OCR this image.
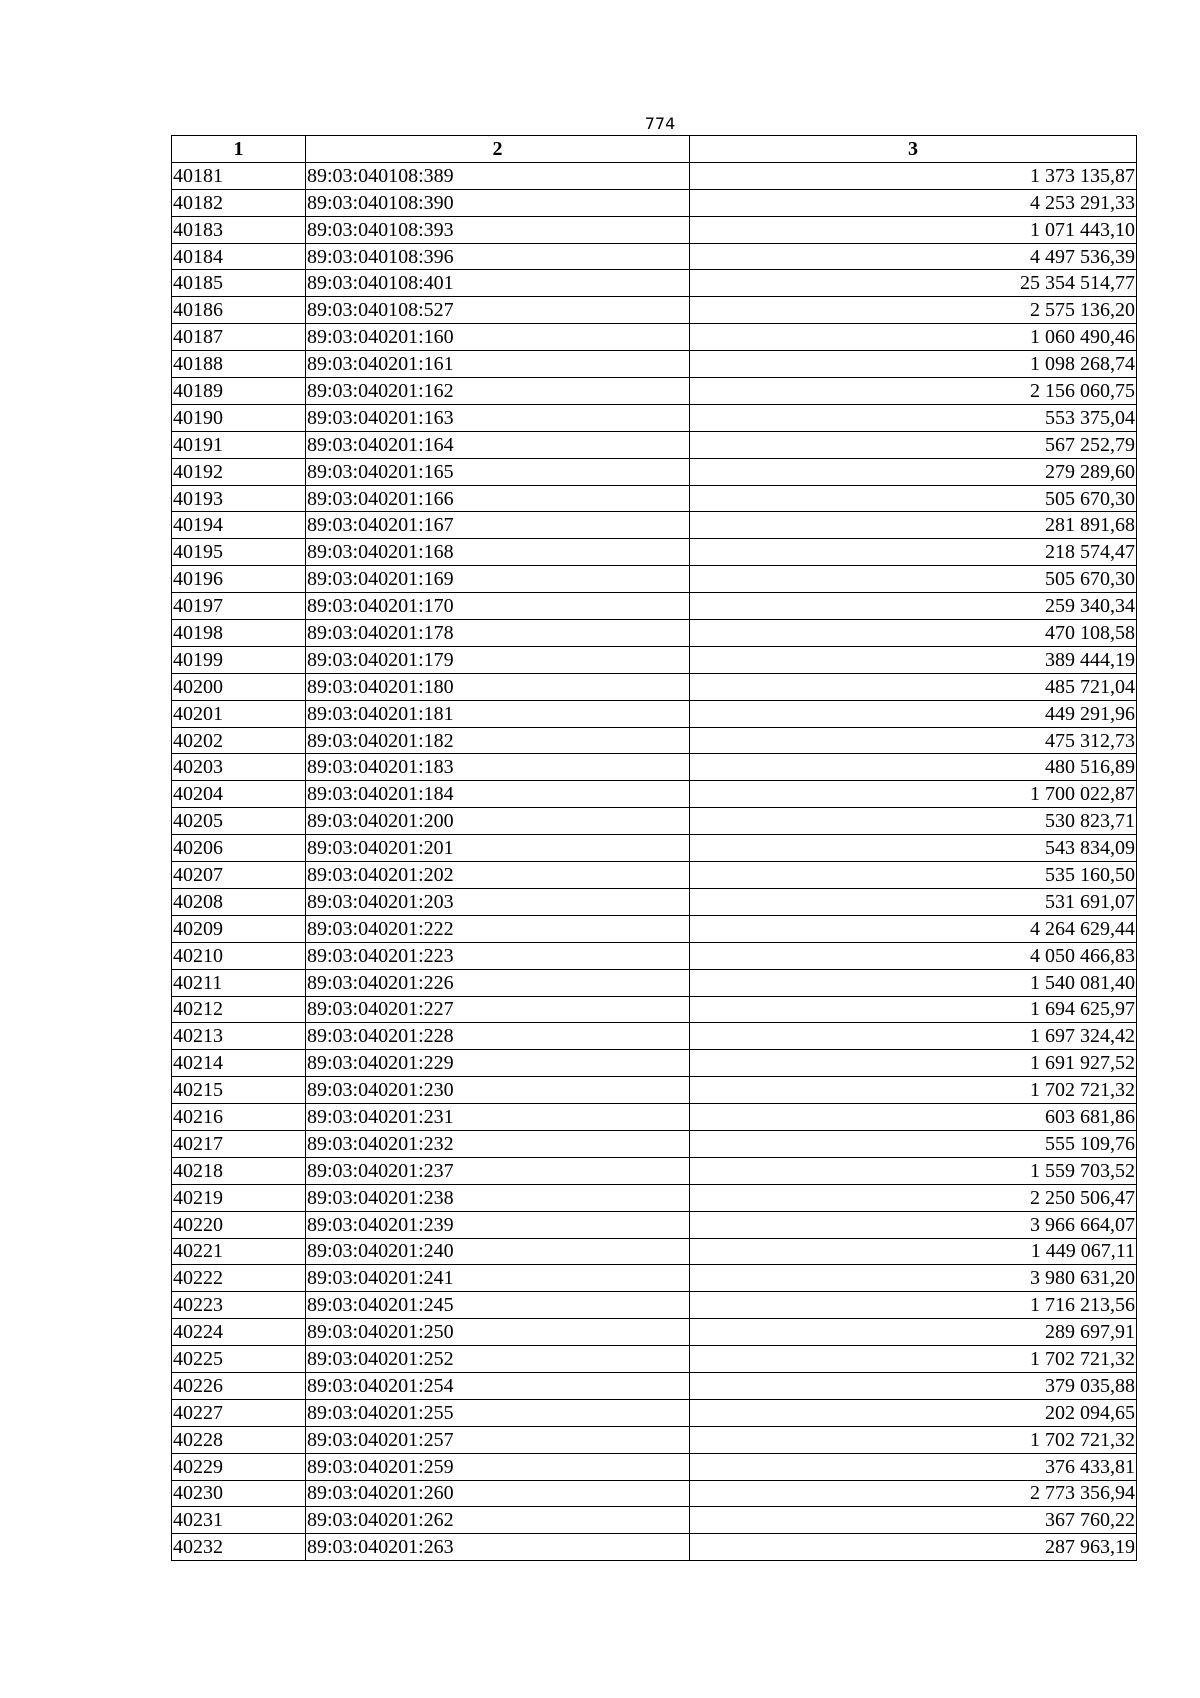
774
1	2	3
40181	89:03:040108:389	1 373 135,87
40182	89:03:040108:390	4 253 291,33
40183	89:03:040108:393	1 071 443,10
40184	89:03:040108:396	4 497 536,39
40185	89:03:040108:401	25 354 514,77
40186	89:03:040108:527	2 575 136,20
40187	89:03:040201:160	1 060 490,46
40188	89:03:040201:161	1 098 268,74
40189	89:03:040201:162	2 156 060,75
40190	89:03:040201:163	553 375,04
40191	89:03:040201:164	567 252,79
40192	89:03:040201:165	279 289,60
40193	89:03:040201:166	505 670,30
40194	89:03:040201:167	281 891,68
40195	89:03:040201:168	218 574,47
40196	89:03:040201:169	505 670,30
40197	89:03:040201:170	259 340,34
40198	89:03:040201:178	470 108,58
40199	89:03:040201:179	389 444,19
40200	89:03:040201:180	485 721,04
40201	89:03:040201:181	449 291,96
40202	89:03:040201:182	475 312,73
40203	89:03:040201:183	480 516,89
40204	89:03:040201:184	1 700 022,87
40205	89:03:040201:200	530 823,71
40206	89:03:040201:201	543 834,09
40207	89:03:040201:202	535 160,50
40208	89:03:040201:203	531 691,07
40209	89:03:040201:222	4 264 629,44
40210	89:03:040201:223	4 050 466,83
40211	89:03:040201:226	1 540 081,40
40212	89:03:040201:227	1 694 625,97
40213	89:03:040201:228	1 697 324,42
40214	89:03:040201:229	1 691 927,52
40215	89:03:040201:230	1 702 721,32
40216	89:03:040201:231	603 681,86
40217	89:03:040201:232	555 109,76
40218	89:03:040201:237	1 559 703,52
40219	89:03:040201:238	2 250 506,47
40220	89:03:040201:239	3 966 664,07
40221	89:03:040201:240	1 449 067,11
40222	89:03:040201:241	3 980 631,20
40223	89:03:040201:245	1 716 213,56
40224	89:03:040201:250	289 697,91
40225	89:03:040201:252	1 702 721,32
40226	89:03:040201:254	379 035,88
40227	89:03:040201:255	202 094,65
40228	89:03:040201:257	1 702 721,32
40229	89:03:040201:259	376 433,81
40230	89:03:040201:260	2 773 356,94
40231	89:03:040201:262	367 760,22
40232	89:03:040201:263	287 963,19
